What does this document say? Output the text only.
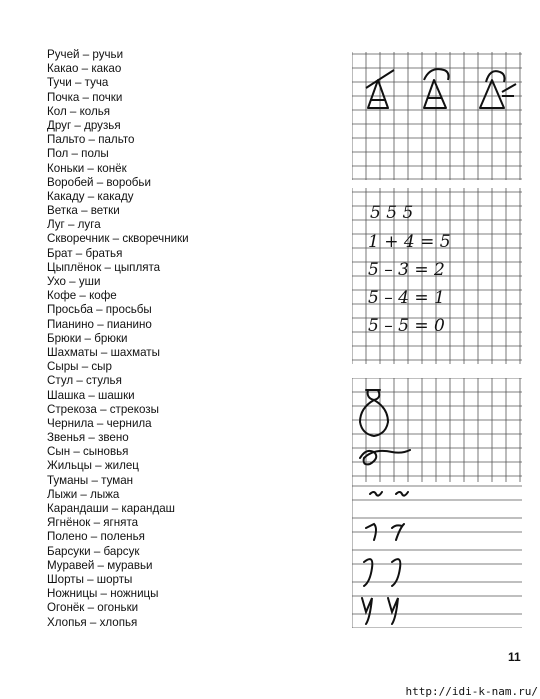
Ручей – ручьи
Какао – какао
Тучи – туча
Почка – почки
Кол – колья
Друг – друзья
Пальто – пальто
Пол – полы
Коньки – конёк
Воробей – воробьи
Какаду – какаду
Ветка – ветки
Луг – луга
Скворечник – скворечники
Брат – братья
Цыплёнок – цыплята
Ухо – уши
Кофе – кофе
Просьба – просьбы
Пианино – пианино
Брюки – брюки
Шахматы – шахматы
Сыры – сыр
Стул – стулья
Шашка – шашки
Стрекоза – стрекозы
Чернила – чернила
Звенья – звено
Сын – сыновья
Жильцы – жилец
Туманы – туман
Лыжи – лыжа
Карандаши – карандаш
Ягнёнок – ягнята
Полено – поленья
Барсуки – барсук
Муравей – муравьи
Шорты – шорты
Ножницы – ножницы
Огонёк – огоньки
Хлопья – хлопья
5 5 5
1 + 4 = 5
5 – 3 = 2
5 – 4 = 1
5 – 5 = 0
11
http://idi-k-nam.ru/
